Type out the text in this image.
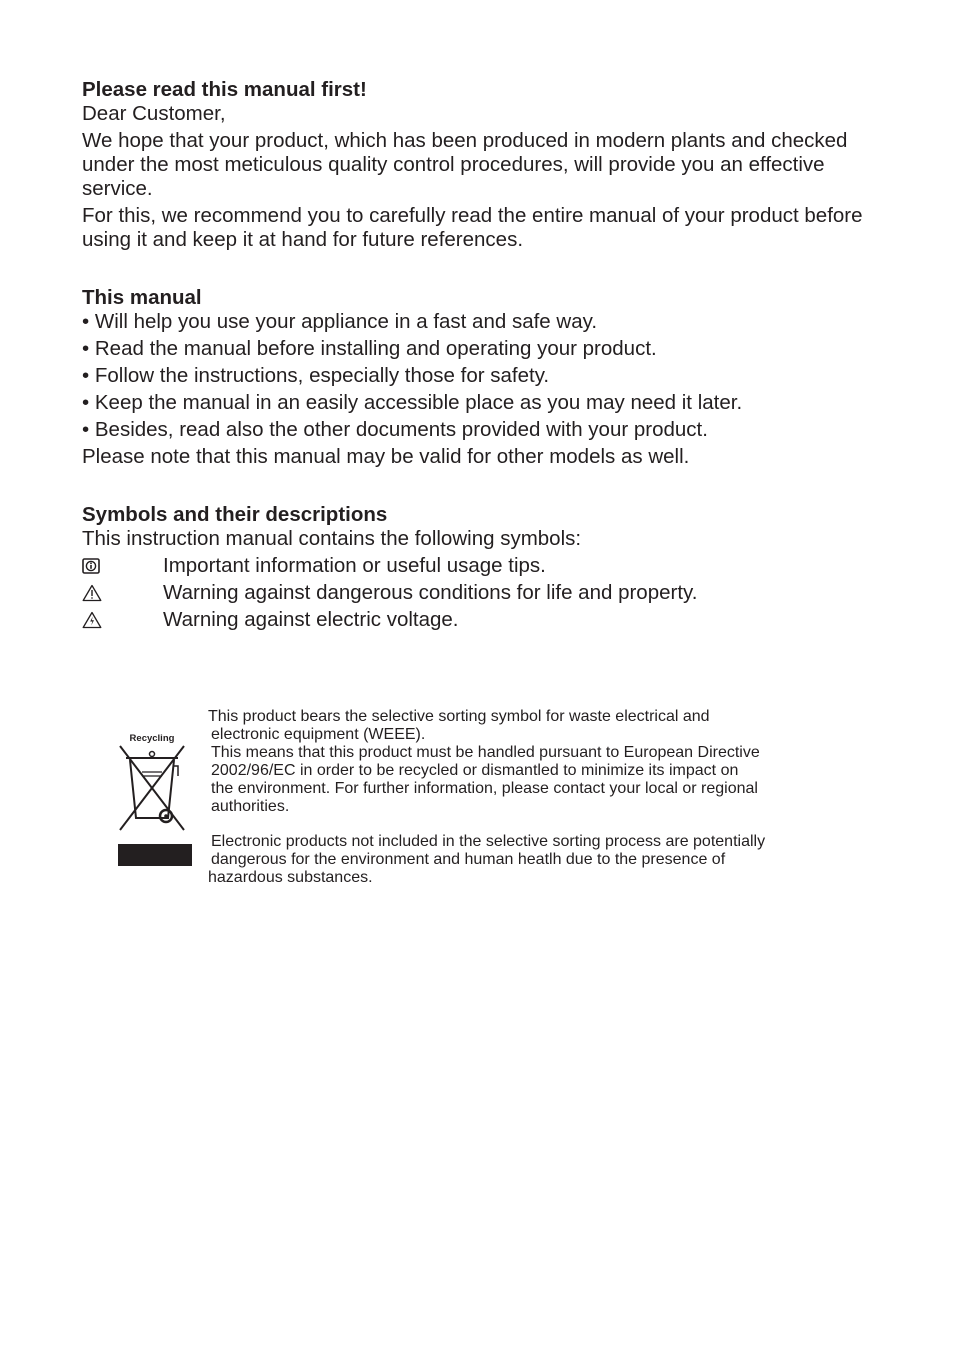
Please read this manual first!

Dear Customer,

We hope that your product, which has been produced in modern plants and checked under the most meticulous quality control procedures, will provide you an effective service.

For this, we recommend you to carefully read the entire manual of your product before using it and keep it at hand for future references.

This manual

• Will help you use your appliance in a fast and safe way.

• Read the manual before installing and operating your product.

• Follow the instructions, especially those for safety.

• Keep the manual in an easily accessible place as you may need it later.

• Besides, read also the other documents provided with your product.

Please note that this manual may be valid for other models as well.

Symbols and their descriptions

This instruction manual contains the following symbols:

Important information or useful usage tips.
Warning against dangerous conditions for life and property.
Warning against electric voltage.
Recycling

This product bears the selective sorting symbol for waste electrical and

electronic equipment (WEEE).

This means that this product must be handled pursuant to European Directive

2002/96/EC in order to be recycled or dismantled to minimize its impact on

the environment. For further information, please contact your local or regional

authorities.

Electronic products not included in the selective sorting process are potentially

dangerous for the environment and human heatlh due to the presence of

hazardous substances.
